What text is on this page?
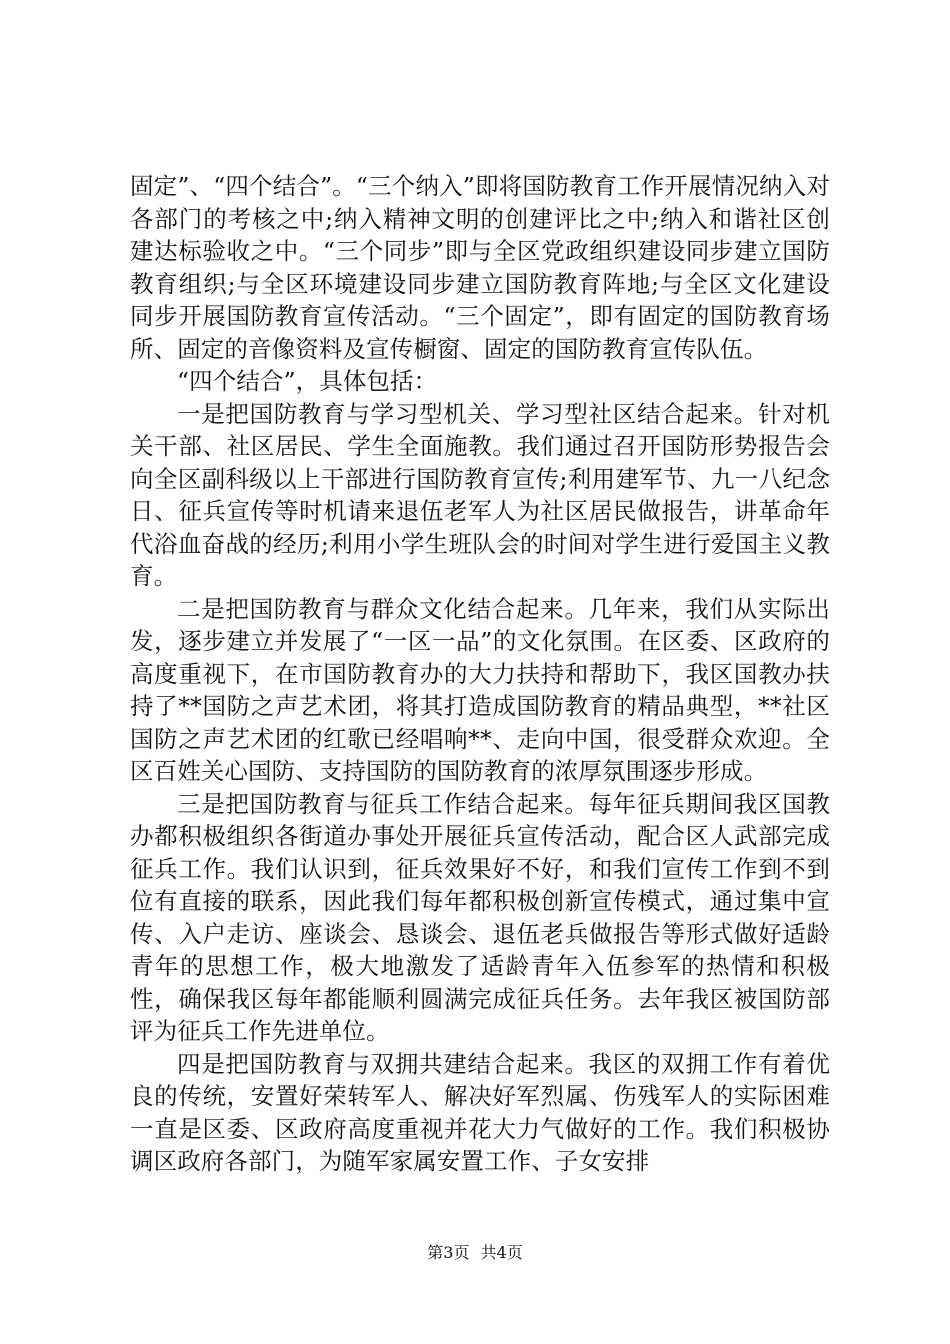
固定”、“四个结合”。“三个纳入”即将国防教育工作开展情况纳入对各部门的考核之中;纳入精神文明的创建评比之中;纳入和谐社区创建达标验收之中。“三个同步”即与全区党政组织建设同步建立国防教育组织;与全区环境建设同步建立国防教育阵地;与全区文化建设同步开展国防教育宣传活动。“三个固定”，即有固定的国防教育场所、固定的音像资料及宣传橱窗、固定的国防教育宣传队伍。

“四个结合”，具体包括：

一是把国防教育与学习型机关、学习型社区结合起来。针对机关干部、社区居民、学生全面施教。我们通过召开国防形势报告会向全区副科级以上干部进行国防教育宣传;利用建军节、九一八纪念日、征兵宣传等时机请来退伍老军人为社区居民做报告，讲革命年代浴血奋战的经历;利用小学生班队会的时间对学生进行爱国主义教育。

二是把国防教育与群众文化结合起来。几年来，我们从实际出发，逐步建立并发展了“一区一品”的文化氛围。在区委、区政府的高度重视下，在市国防教育办的大力扶持和帮助下，我区国教办扶持了**国防之声艺术团，将其打造成国防教育的精品典型，**社区国防之声艺术团的红歌已经唱响**、走向中国，很受群众欢迎。全区百姓关心国防、支持国防的国防教育的浓厚氛围逐步形成。

三是把国防教育与征兵工作结合起来。每年征兵期间我区国教办都积极组织各街道办事处开展征兵宣传活动，配合区人武部完成征兵工作。我们认识到，征兵效果好不好，和我们宣传工作到不到位有直接的联系，因此我们每年都积极创新宣传模式，通过集中宣传、入户走访、座谈会、恳谈会、退伍老兵做报告等形式做好适龄青年的思想工作，极大地激发了适龄青年入伍参军的热情和积极性，确保我区每年都能顺利圆满完成征兵任务。去年我区被国防部评为征兵工作先进单位。

四是把国防教育与双拥共建结合起来。我区的双拥工作有着优良的传统，安置好荣转军人、解决好军烈属、伤残军人的实际困难一直是区委、区政府高度重视并花大力气做好的工作。我们积极协调区政府各部门，为随军家属安置工作、子女安排

第3页 共4页
